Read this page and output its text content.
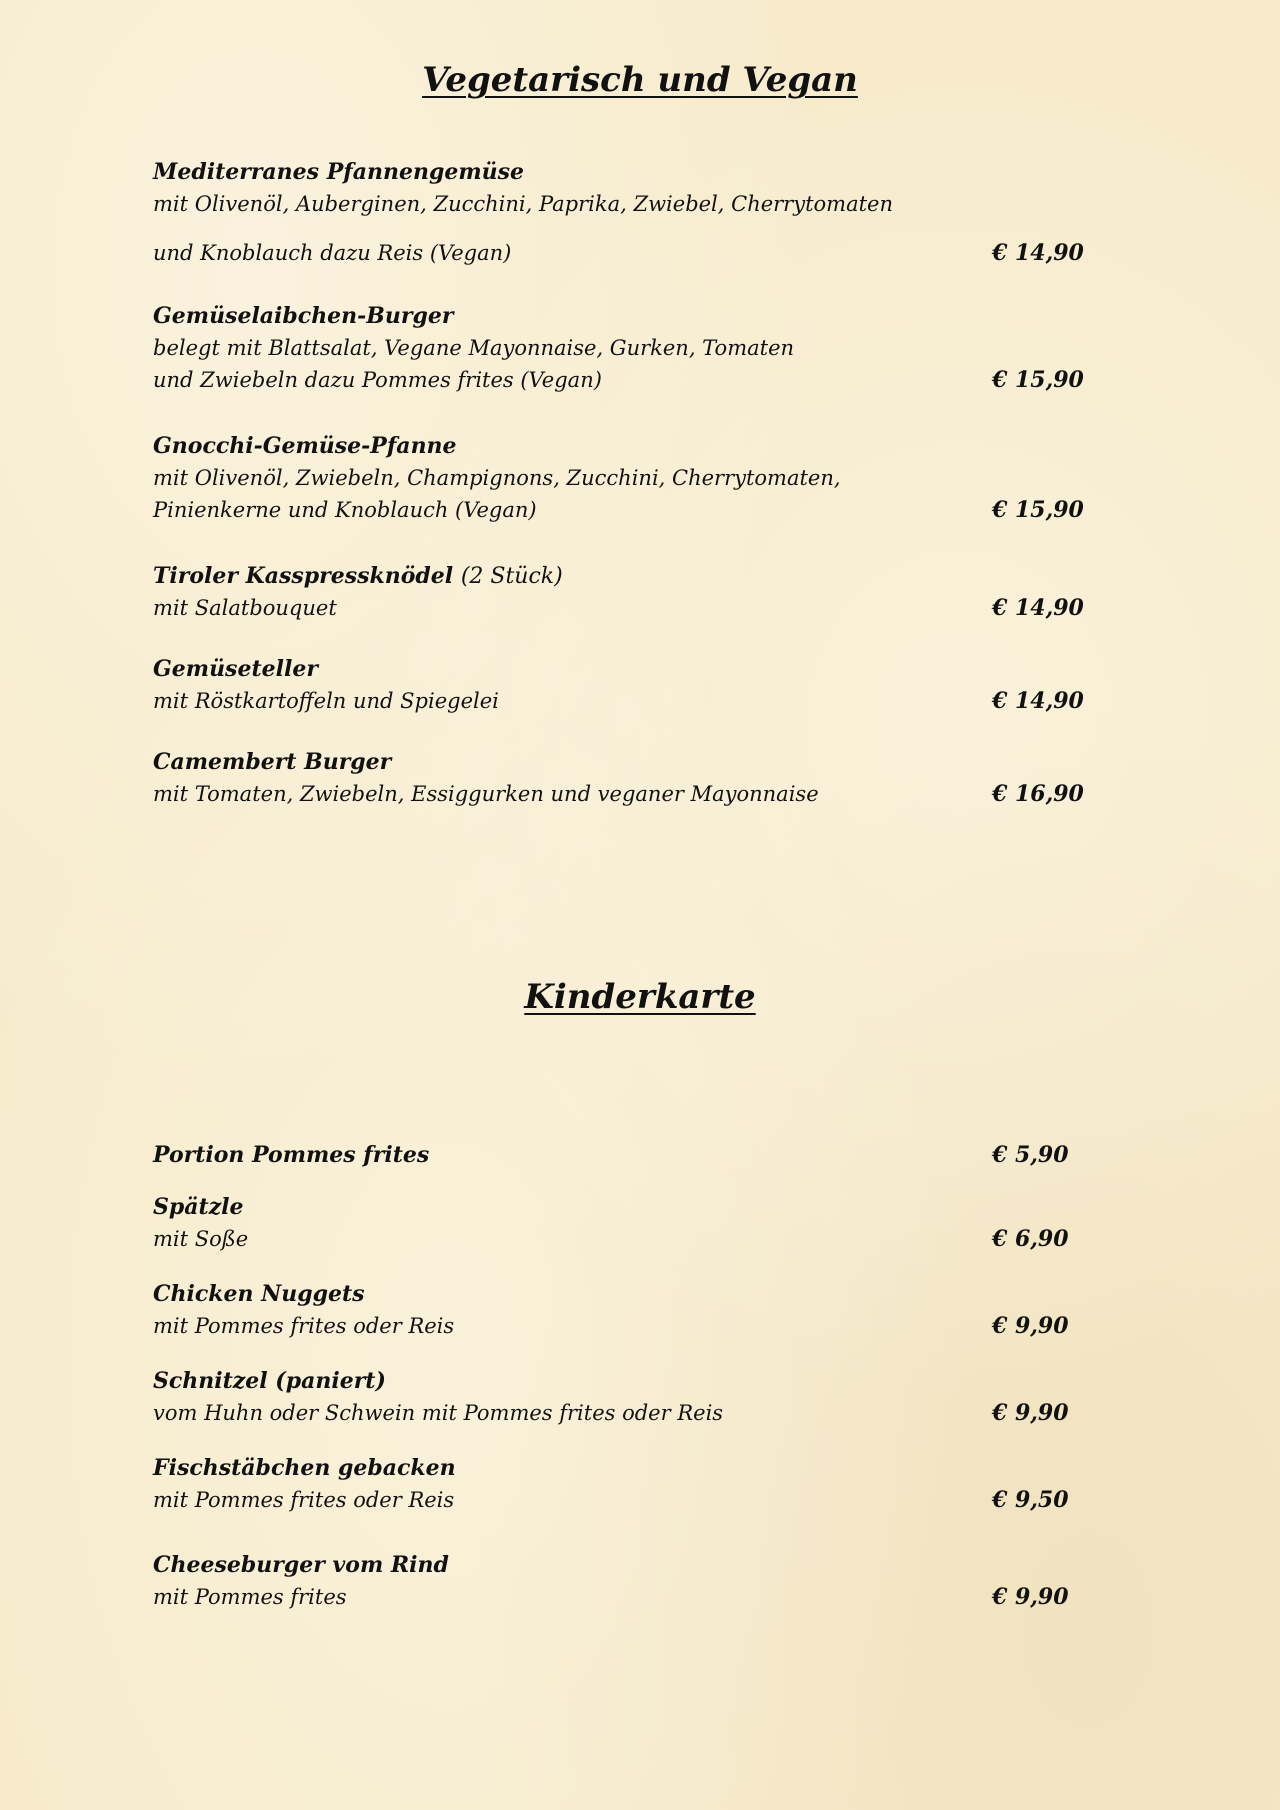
Vegetarisch und Vegan
Mediterranes Pfannengemüse
mit Olivenöl, Auberginen, Zucchini, Paprika, Zwiebel, Cherrytomaten
und Knoblauch dazu Reis (Vegan)	€ 14,90
Gemüselaibchen-Burger
belegt mit Blattsalat, Vegane Mayonnaise, Gurken, Tomaten
und Zwiebeln dazu Pommes frites (Vegan)	€ 15,90
Gnocchi-Gemüse-Pfanne
mit Olivenöl, Zwiebeln, Champignons, Zucchini, Cherrytomaten,
Pinienkerne und Knoblauch (Vegan)	€ 15,90
Tiroler Kasspressknödel (2 Stück)
mit Salatbouquet	€ 14,90
Gemüseteller
mit Röstkartoffeln und Spiegelei	€ 14,90
Camembert Burger
mit Tomaten, Zwiebeln, Essiggurken und veganer Mayonnaise	€ 16,90
Kinderkarte
Portion Pommes frites	€ 5,90
Spätzle
mit Soße	€ 6,90
Chicken Nuggets
mit Pommes frites oder Reis	€ 9,90
Schnitzel (paniert)
vom Huhn oder Schwein mit Pommes frites oder Reis	€ 9,90
Fischstäbchen gebacken
mit Pommes frites oder Reis	€ 9,50
Cheeseburger vom Rind
mit Pommes frites	€ 9,90
